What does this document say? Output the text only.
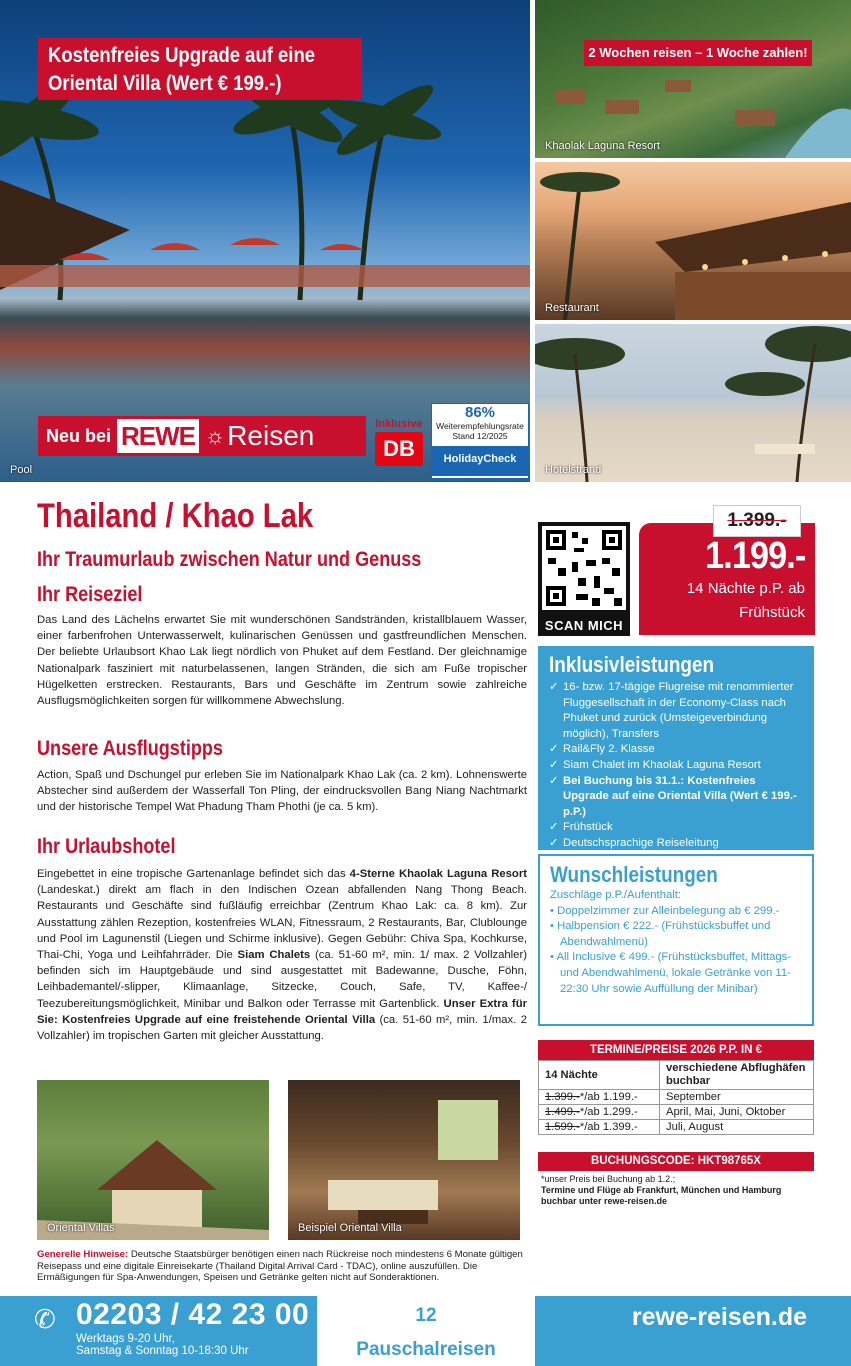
Pool
Kostenfreies Upgrade auf eine
Oriental Villa (Wert € 199.-)
Neu bei REWE ☼ Reisen	Inklusive
DB
86%
Weiterempfehlungsrate
Stand 12/2025
HolidayCheck
Khaolak Laguna Resort
2 Wochen reisen – 1 Woche zahlen!
Restaurant
Hotelstrand
Thailand / Khao Lak
Ihr Traumurlaub zwischen Natur und Genuss
Ihr Reiseziel

Das Land des Lächelns erwartet Sie mit wunderschönen Sandstränden, kristallblauem Wasser, einer farbenfrohen Unterwasserwelt, kulinarischen Genüssen und gastfreundlichen Menschen. Der beliebte Urlaubsort Khao Lak liegt nördlich von Phuket auf dem Festland. Der gleichnamige Nationalpark fasziniert mit naturbelassenen, langen Stränden, die sich am Fuße tropischer Hügelketten erstrecken. Restaurants, Bars und Geschäfte im Zentrum sowie zahlreiche Ausflugsmöglichkeiten sorgen für willkommene Abwechslung.

Unsere Ausflugstipps

Action, Spaß und Dschungel pur erleben Sie im Nationalpark Khao Lak (ca. 2 km). Lohnenswerte Abstecher sind außerdem der Wasserfall Ton Pling, der eindrucksvollen Bang Niang Nachtmarkt und der historische Tempel Wat Phadung Tham Phothi (je ca. 5 km).

Ihr Urlaubshotel

Eingebettet in eine tropische Gartenanlage befindet sich das 4-Sterne Khaolak Laguna Resort (Landeskat.) direkt am flach in den Indischen Ozean abfallenden Nang Thong Beach. Restaurants und Geschäfte sind fußläufig erreichbar (Zentrum Khao Lak: ca. 8 km). Zur Ausstattung zählen Rezeption, kostenfreies WLAN, Fitnessraum, 2 Restaurants, Bar, Clublounge und Pool im Lagunenstil (Liegen und Schirme inklusive). Gegen Gebühr: Chiva Spa, Kochkurse, Thai-Chi, Yoga und Leihfahrräder. Die Siam Chalets (ca. 51-60 m², min. 1/ max. 2 Vollzahler) befinden sich im Hauptgebäude und sind ausgestattet mit Badewanne, Dusche, Föhn, Leihbademantel/-slipper, Klimaanlage, Sitzecke, Couch, Safe, TV, Kaffee-/ Teezubereitungsmöglichkeit, Minibar und Balkon oder Terrasse mit Gartenblick. Unser Extra für Sie: Kostenfreies Upgrade auf eine freistehende Oriental Villa (ca. 51-60 m², min. 1/max. 2 Vollzahler) im tropischen Garten mit gleicher Ausstattung.

Oriental Villas	Beispiel Oriental Villa
Generelle Hinweise: Deutsche Staatsbürger benötigen einen nach Rückreise noch mindestens 6 Monate gültigen Reisepass und eine digitale Einreisekarte (Thailand Digital Arrival Card - TDAC), online auszufüllen. Die Ermäßigungen für Spa-Anwendungen, Speisen und Getränke gelten nicht auf Sonderaktionen.
SCAN MICH
1.399.-
1.199.-
14 Nächte p.P. ab
Frühstück
Inklusivleistungen
✓ 16- bzw. 17-tägige Flugreise mit renommierter Fluggesellschaft in der Economy-Class nach Phuket und zurück (Umsteigeverbindung möglich), Transfers
✓ Rail&Fly 2. Klasse
✓ Siam Chalet im Khaolak Laguna Resort
✓ Bei Buchung bis 31.1.: Kostenfreies Upgrade auf eine Oriental Villa (Wert € 199.- p.P.)
✓ Frühstück
✓ Deutschsprachige Reiseleitung
Wunschleistungen
Zuschläge p.P./Aufenthalt:
• Doppelzimmer zur Alleinbelegung ab € 299.-
• Halbpension € 222.- (Frühstücksbuffet und Abendwahlmenü)
• All Inclusive € 499.- (Frühstücksbuffet, Mittags- und Abendwahlmenü, lokale Getränke von 11-22:30 Uhr sowie Auffüllung der Minibar)
TERMINE/PREISE 2026 P.P. IN €
14 Nächte	verschiedene Abflughäfen buchbar
1.399.-*/ab 1.199.-	September
1.499.-*/ab 1.299.-	April, Mai, Juni, Oktober
1.599.-*/ab 1.399.-	Juli, August
BUCHUNGSCODE: HKT98765X
*unser Preis bei Buchung ab 1.2.;
Termine und Flüge ab Frankfurt, München und Hamburg buchbar unter rewe-reisen.de
✆ 02203 / 42 23 00
Werktags 9-20 Uhr,
Samstag & Sonntag 10-18:30 Uhr
12
Pauschalreisen
rewe-reisen.de
